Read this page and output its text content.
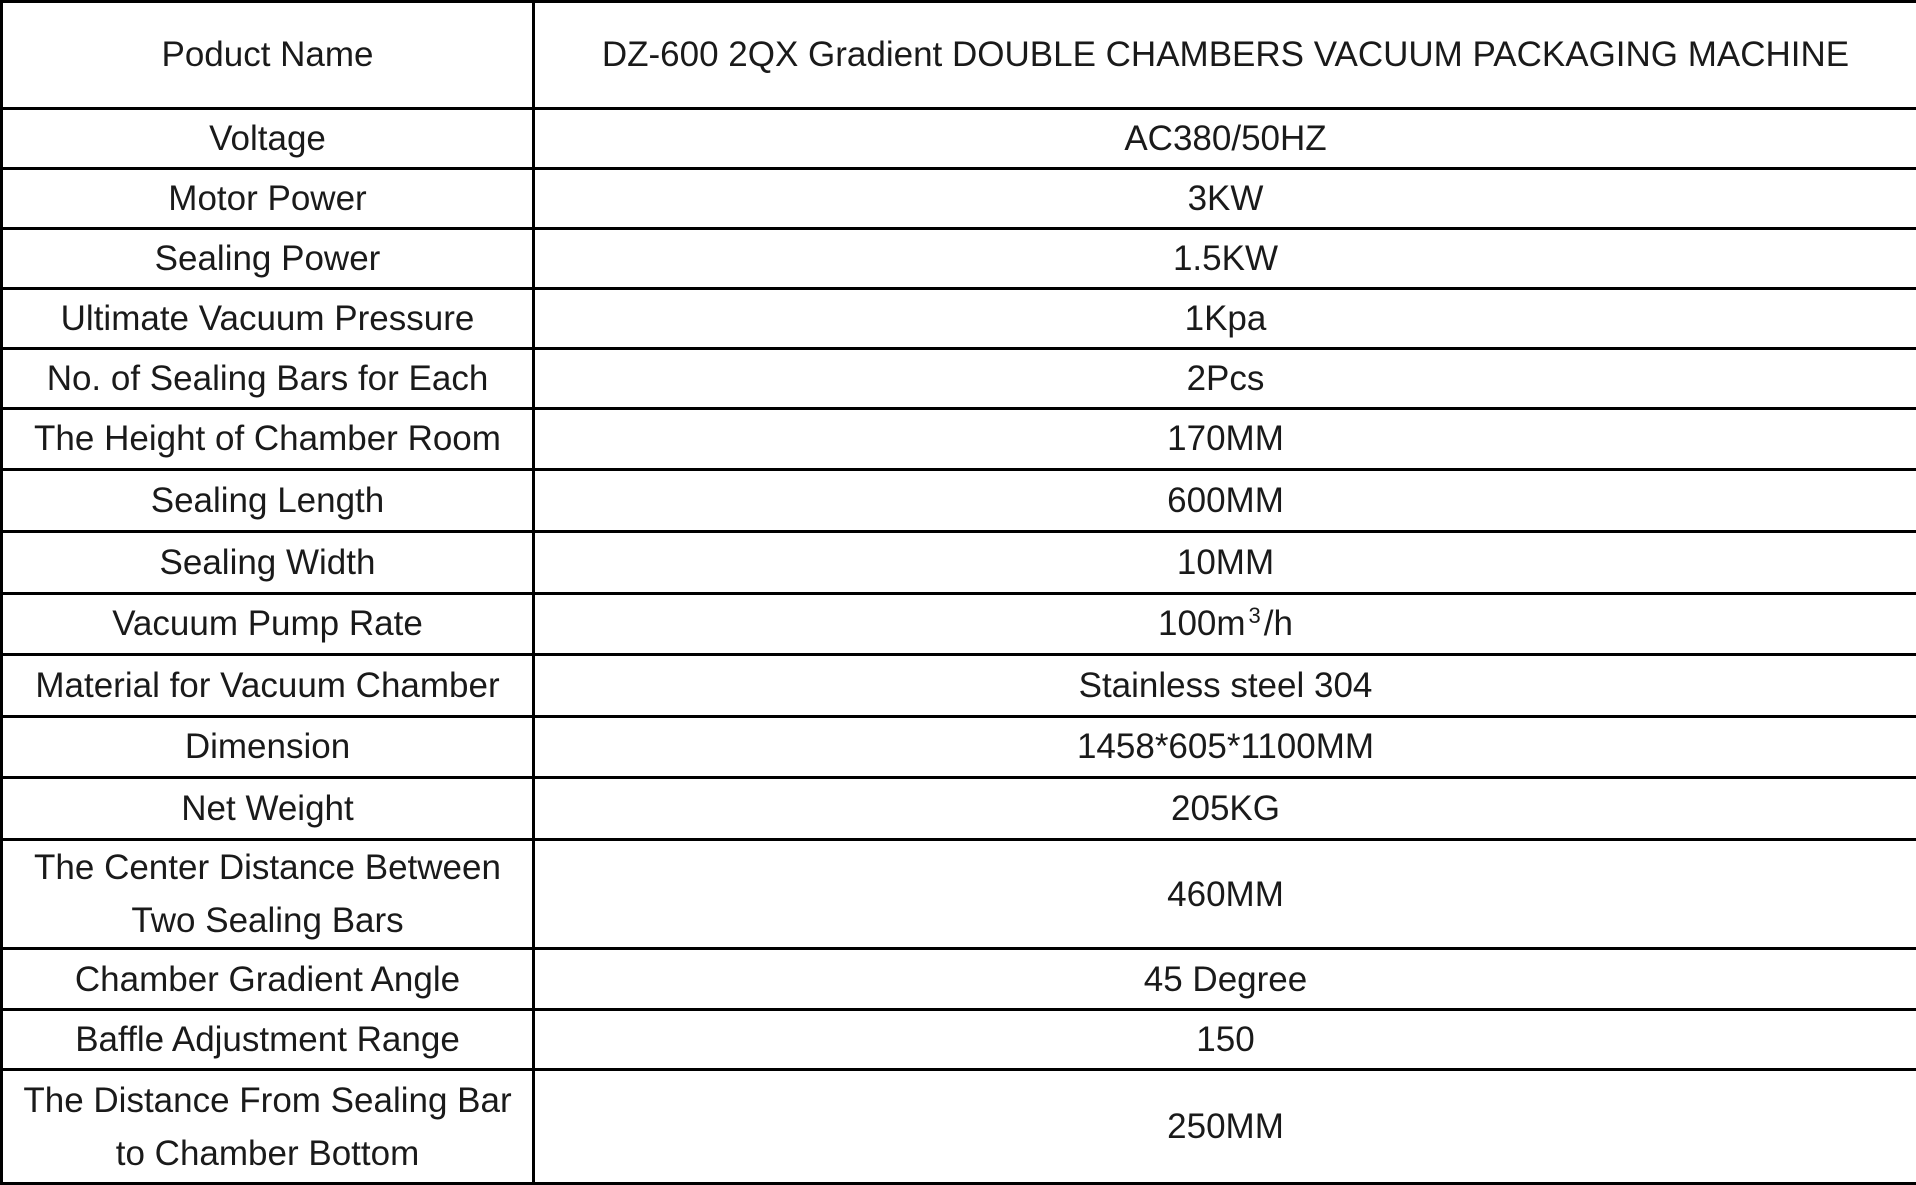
Poduct Name	DZ-600 2QX Gradient DOUBLE CHAMBERS VACUUM PACKAGING MACHINE
Voltage	AC380/50HZ
Motor Power	3KW
Sealing Power	1.5KW
Ultimate Vacuum Pressure	1Kpa
No. of Sealing Bars for Each	2Pcs
The Height of Chamber Room	170MM
Sealing Length	600MM
Sealing Width	10MM
Vacuum Pump Rate	100m $^3$/h
Material for Vacuum Chamber	Stainless steel 304
Dimension	1458*605*1100MM
Net Weight	205KG
The Center Distance Between Two Sealing Bars	460MM
Chamber Gradient Angle	45 Degree
Baffle Adjustment Range	150
The Distance From Sealing Bar to Chamber Bottom	250MM
